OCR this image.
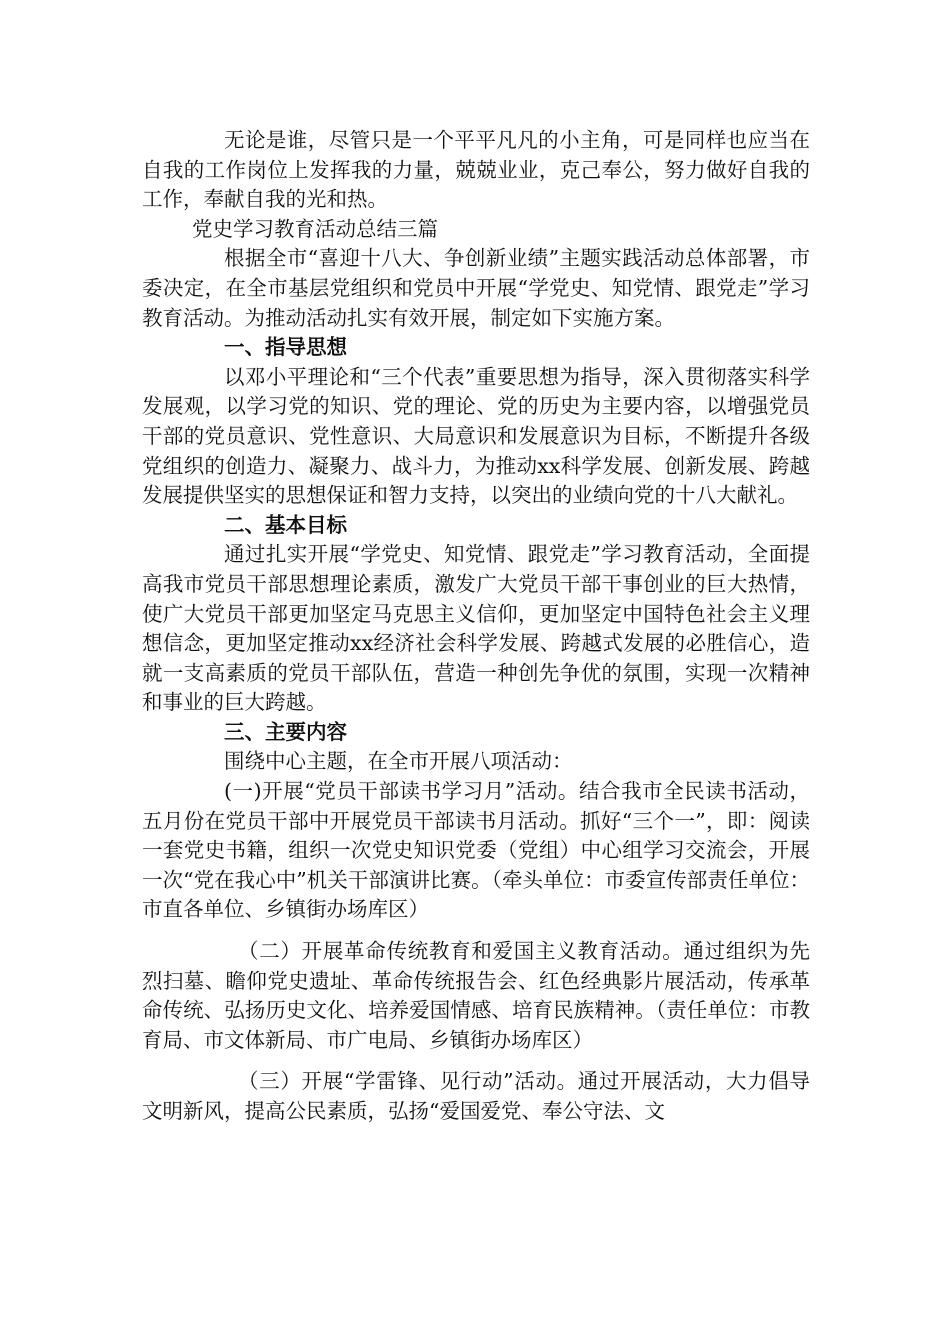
无论是谁，尽管只是一个平平凡凡的小主角，可是同样也应当在自我的工作岗位上发挥我的力量，兢兢业业，克己奉公，努力做好自我的工作，奉献自我的光和热。

党史学习教育活动总结三篇

根据全市“喜迎十八大、争创新业绩”主题实践活动总体部署，市委决定，在全市基层党组织和党员中开展“学党史、知党情、跟党走”学习教育活动。为推动活动扎实有效开展，制定如下实施方案。

一、指导思想

以邓小平理论和“三个代表”重要思想为指导，深入贯彻落实科学发展观，以学习党的知识、党的理论、党的历史为主要内容，以增强党员干部的党员意识、党性意识、大局意识和发展意识为目标，不断提升各级党组织的创造力、凝聚力、战斗力，为推动xx科学发展、创新发展、跨越发展提供坚实的思想保证和智力支持，以突出的业绩向党的十八大献礼。

二、基本目标

通过扎实开展“学党史、知党情、跟党走”学习教育活动，全面提高我市党员干部思想理论素质，激发广大党员干部干事创业的巨大热情，使广大党员干部更加坚定马克思主义信仰，更加坚定中国特色社会主义理想信念，更加坚定推动xx经济社会科学发展、跨越式发展的必胜信心，造就一支高素质的党员干部队伍，营造一种创先争优的氛围，实现一次精神和事业的巨大跨越。

三、主要内容

围绕中心主题，在全市开展八项活动：

(一)开展“党员干部读书学习月”活动。结合我市全民读书活动，五月份在党员干部中开展党员干部读书月活动。抓好“三个一”，即：阅读一套党史书籍，组织一次党史知识党委（党组）中心组学习交流会，开展一次“党在我心中”机关干部演讲比赛。（牵头单位：市委宣传部责任单位：市直各单位、乡镇街办场库区）

（二）开展革命传统教育和爱国主义教育活动。通过组织为先烈扫墓、瞻仰党史遗址、革命传统报告会、红色经典影片展活动，传承革命传统、弘扬历史文化、培养爱国情感、培育民族精神。（责任单位：市教育局、市文体新局、市广电局、乡镇街办场库区）

（三）开展“学雷锋、见行动”活动。通过开展活动，大力倡导文明新风，提高公民素质，弘扬“爱国爱党、奉公守法、文
